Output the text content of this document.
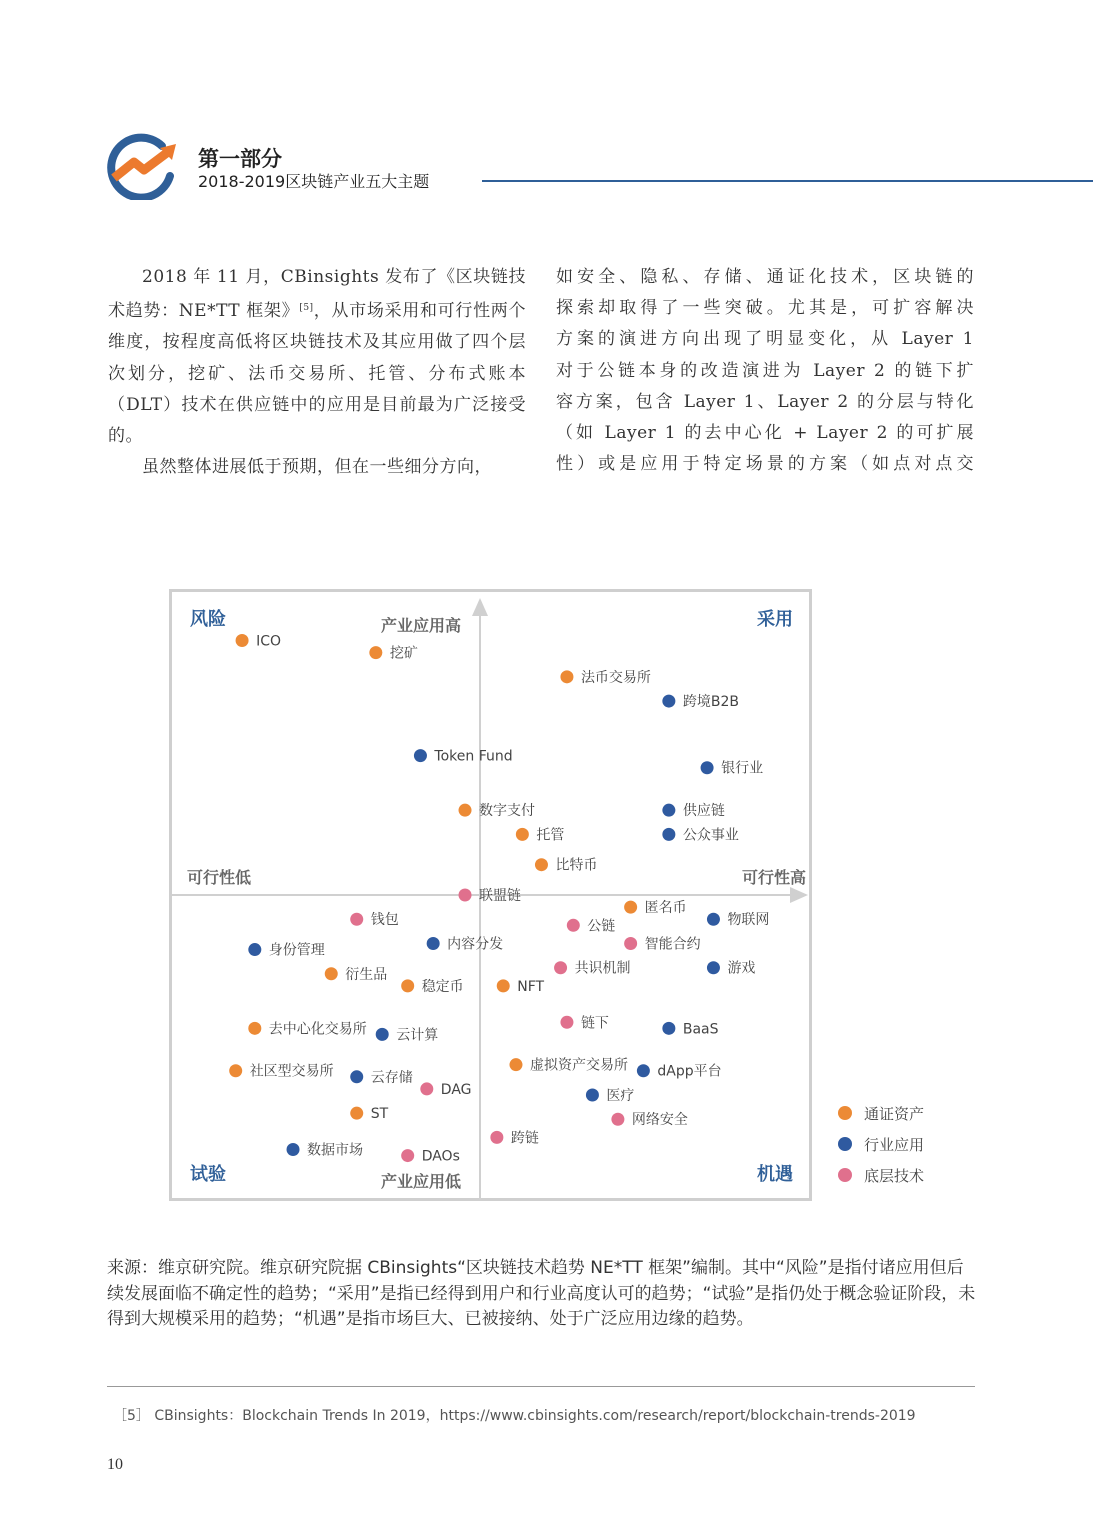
第一部分
2018-2019区块链产业五大主题

2018 年 11 月，CBinsights 发布了《区块链技术趋势：NE*TT 框架》[5]，从市场采用和可行性两个维度，按程度高低将区块链技术及其应用做了四个层次划分，挖矿、法币交易所、托管、分布式账本（DLT）技术在供应链中的应用是目前最为广泛接受的。

虽然整体进展低于预期，但在一些细分方向，

如安全、隐私、存储、通证化技术，区块链的

探索却取得了一些突破。尤其是，可扩容解决

方案的演进方向出现了明显变化，从 Layer 1

对于公链本身的改造演进为 Layer 2 的链下扩

容方案，包含 Layer 1、Layer 2 的分层与特化

（如 Layer 1 的去中心化 + Layer 2 的可扩展

性）或是应用于特定场景的方案（如点对点交

风险	采用
试验	机遇
产业应用高
产业应用低
可行性低	可行性高
ICO
挖矿
法币交易所
跨境B2B
Token Fund
银行业
数字支付	供应链
托管	公众事业
比特币
联盟链
匿名币
钱包	物联网
公链
身份管理	内容分发	智能合约
共识机制
衍生品	游戏
稳定币	NFT
链下	BaaS
去中心化交易所 云计算
虚拟资产交易所 dApp平台
社区型交易所	云存储
DAG	医疗
ST	网络安全
跨链
数据市场	DAOs
通证资产
行业应用
底层技术
来源：维京研究院。维京研究院据 CBinsights“区块链技术趋势 NE*TT 框架”编制。其中“风险”是指付诸应用但后续发展面临不确定性的趋势；“采用”是指已经得到用户和行业高度认可的趋势；“试验”是指仍处于概念验证阶段，未得到大规模采用的趋势；“机遇”是指市场巨大、已被接纳、处于广泛应用边缘的趋势。
［5］ CBinsights：Blockchain Trends In 2019，https://www.cbinsights.com/research/report/blockchain-trends-2019
10
